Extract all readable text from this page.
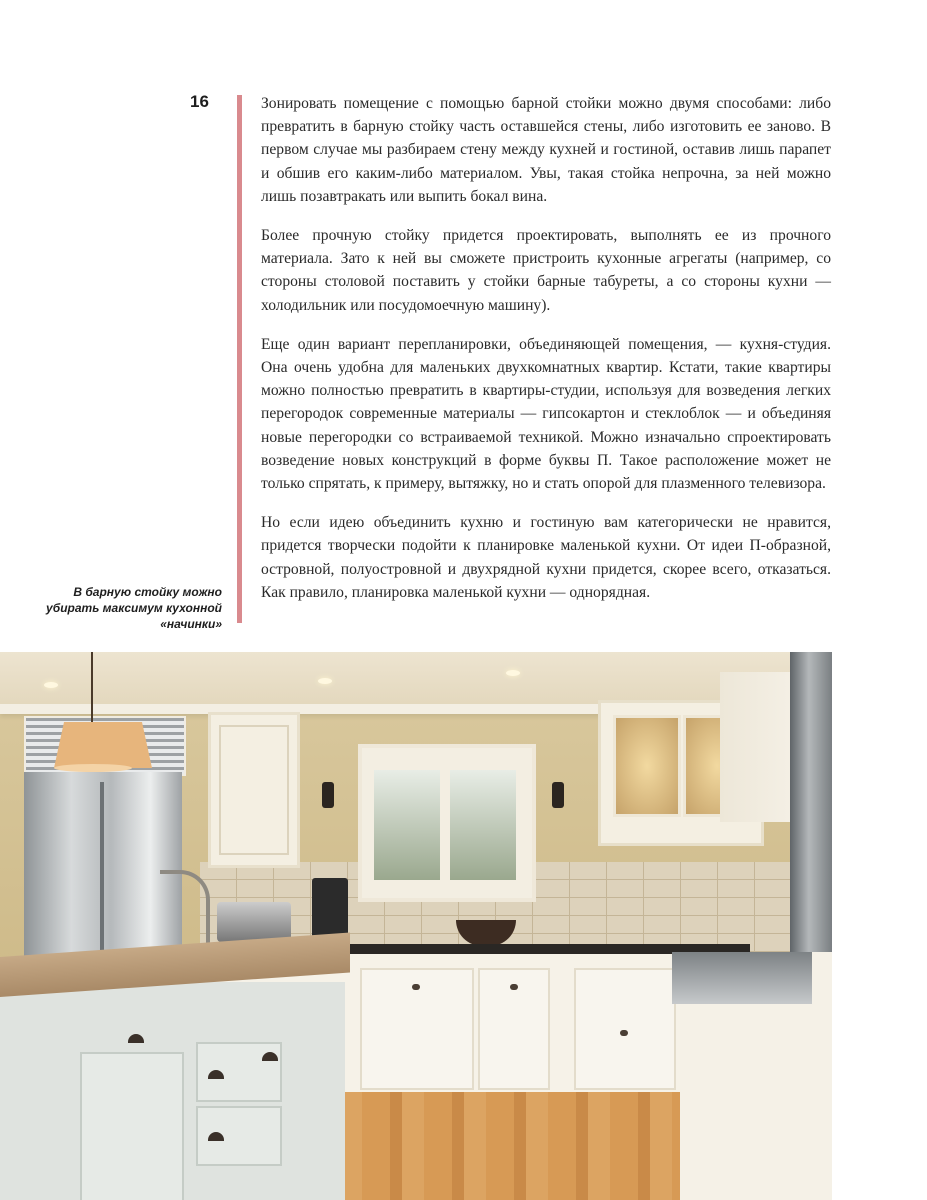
16
В барную стойку можно убирать максимум кухонной «начинки»

Зонировать помещение с помощью барной стойки можно двумя способами: либо превратить в барную стойку часть оставшейся стены, либо изготовить ее заново. В первом случае мы разбираем стену между кухней и гостиной, оставив лишь парапет и обшив его каким-либо материалом. Увы, такая стойка непрочна, за ней можно лишь позавтракать или выпить бокал вина.

Более прочную стойку придется проектировать, выполнять ее из прочного материала. Зато к ней вы сможете пристроить кухонные агрегаты (например, со стороны столовой поставить у стойки барные табуреты, а со стороны кухни — холодильник или посудомоечную машину).

Еще один вариант перепланировки, объединяющей помещения, — кухня-студия. Она очень удобна для маленьких двухкомнатных квартир. Кстати, такие квартиры можно полностью превратить в квартиры-студии, используя для возведения легких перегородок современные материалы — гипсокартон и стеклоблок — и объединяя новые перегородки со встраиваемой техникой. Можно изначально спроектировать возведение новых конструкций в форме буквы П. Такое расположение может не только спрятать, к примеру, вытяжку, но и стать опорой для плазменного телевизора.

Но если идею объединить кухню и гостиную вам категорически не нравится, придется творчески подойти к планировке маленькой кухни. От идеи П-образной, островной, полуостровной и двухрядной кухни придется, скорее всего, отказаться. Как правило, планировка маленькой кухни — однорядная.
